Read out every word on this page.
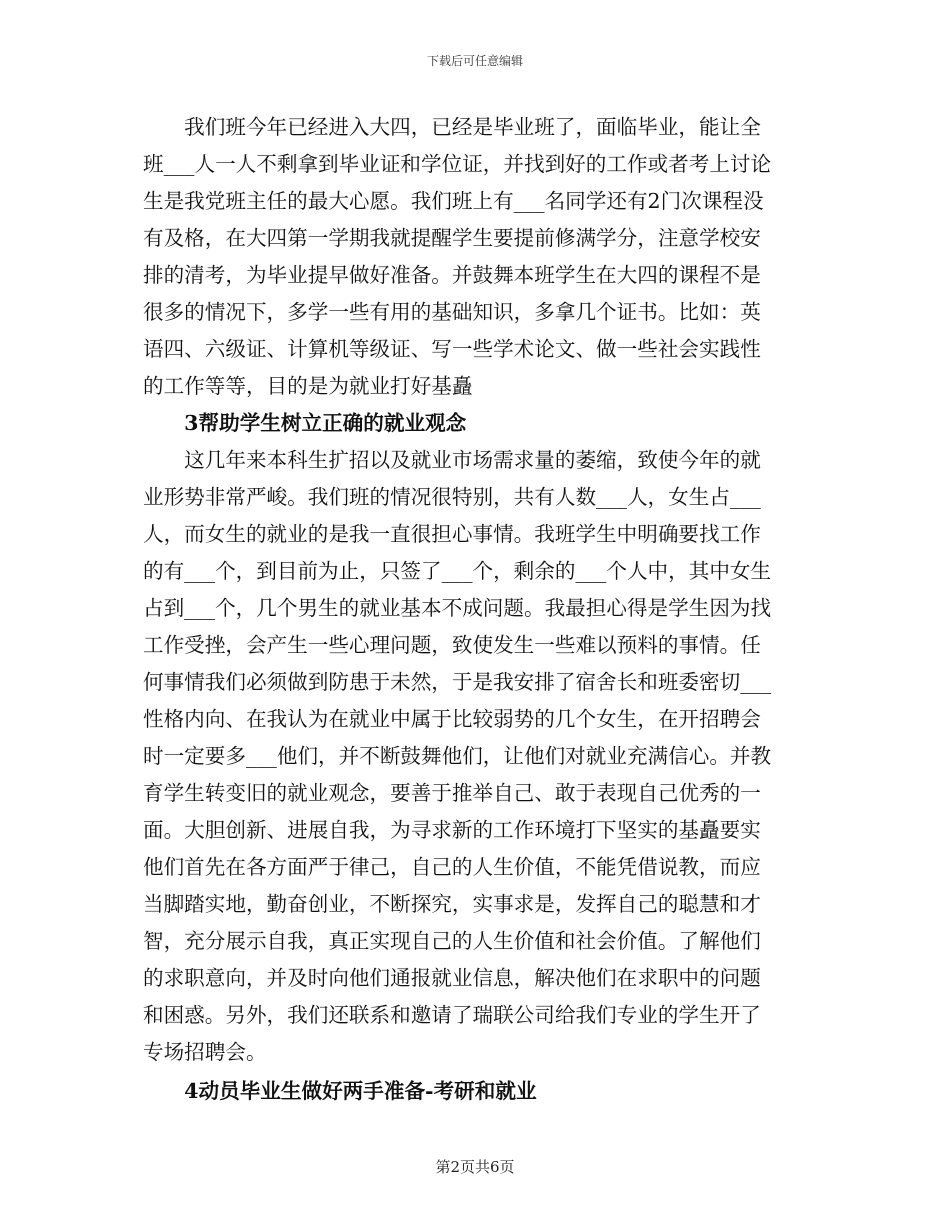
下载后可任意编辑
　　我们班今年已经进入大四，已经是毕业班了，面临毕业，能让全
班___人一人不剩拿到毕业证和学位证，并找到好的工作或者考上讨论
生是我党班主任的最大心愿。我们班上有___名同学还有2门次课程没
有及格，在大四第一学期我就提醒学生要提前修满学分，注意学校安
排的清考，为毕业提早做好准备。并鼓舞本班学生在大四的课程不是
很多的情况下，多学一些有用的基础知识，多拿几个证书。比如：英
语四、六级证、计算机等级证、写一些学术论文、做一些社会实践性
的工作等等，目的是为就业打好基矗
　　3帮助学生树立正确的就业观念
　　这几年来本科生扩招以及就业市场需求量的萎缩，致使今年的就
业形势非常严峻。我们班的情况很特别，共有人数___人，女生占___
人，而女生的就业的是我一直很担心事情。我班学生中明确要找工作
的有___个，到目前为止，只签了___个，剩余的___个人中，其中女生
占到___个，几个男生的就业基本不成问题。我最担心得是学生因为找
工作受挫，会产生一些心理问题，致使发生一些难以预料的事情。任
何事情我们必须做到防患于未然，于是我安排了宿舍长和班委密切___
性格内向、在我认为在就业中属于比较弱势的几个女生，在开招聘会
时一定要多___他们，并不断鼓舞他们，让他们对就业充满信心。并教
育学生转变旧的就业观念，要善于推举自己、敢于表现自己优秀的一
面。大胆创新、进展自我，为寻求新的工作环境打下坚实的基矗要实
他们首先在各方面严于律己，自己的人生价值，不能凭借说教，而应
当脚踏实地，勤奋创业，不断探究，实事求是，发挥自己的聪慧和才
智，充分展示自我，真正实现自己的人生价值和社会价值。了解他们
的求职意向，并及时向他们通报就业信息，解决他们在求职中的问题
和困惑。另外，我们还联系和邀请了瑞联公司给我们专业的学生开了
专场招聘会。
　　4动员毕业生做好两手准备-考研和就业
第2页共6页
